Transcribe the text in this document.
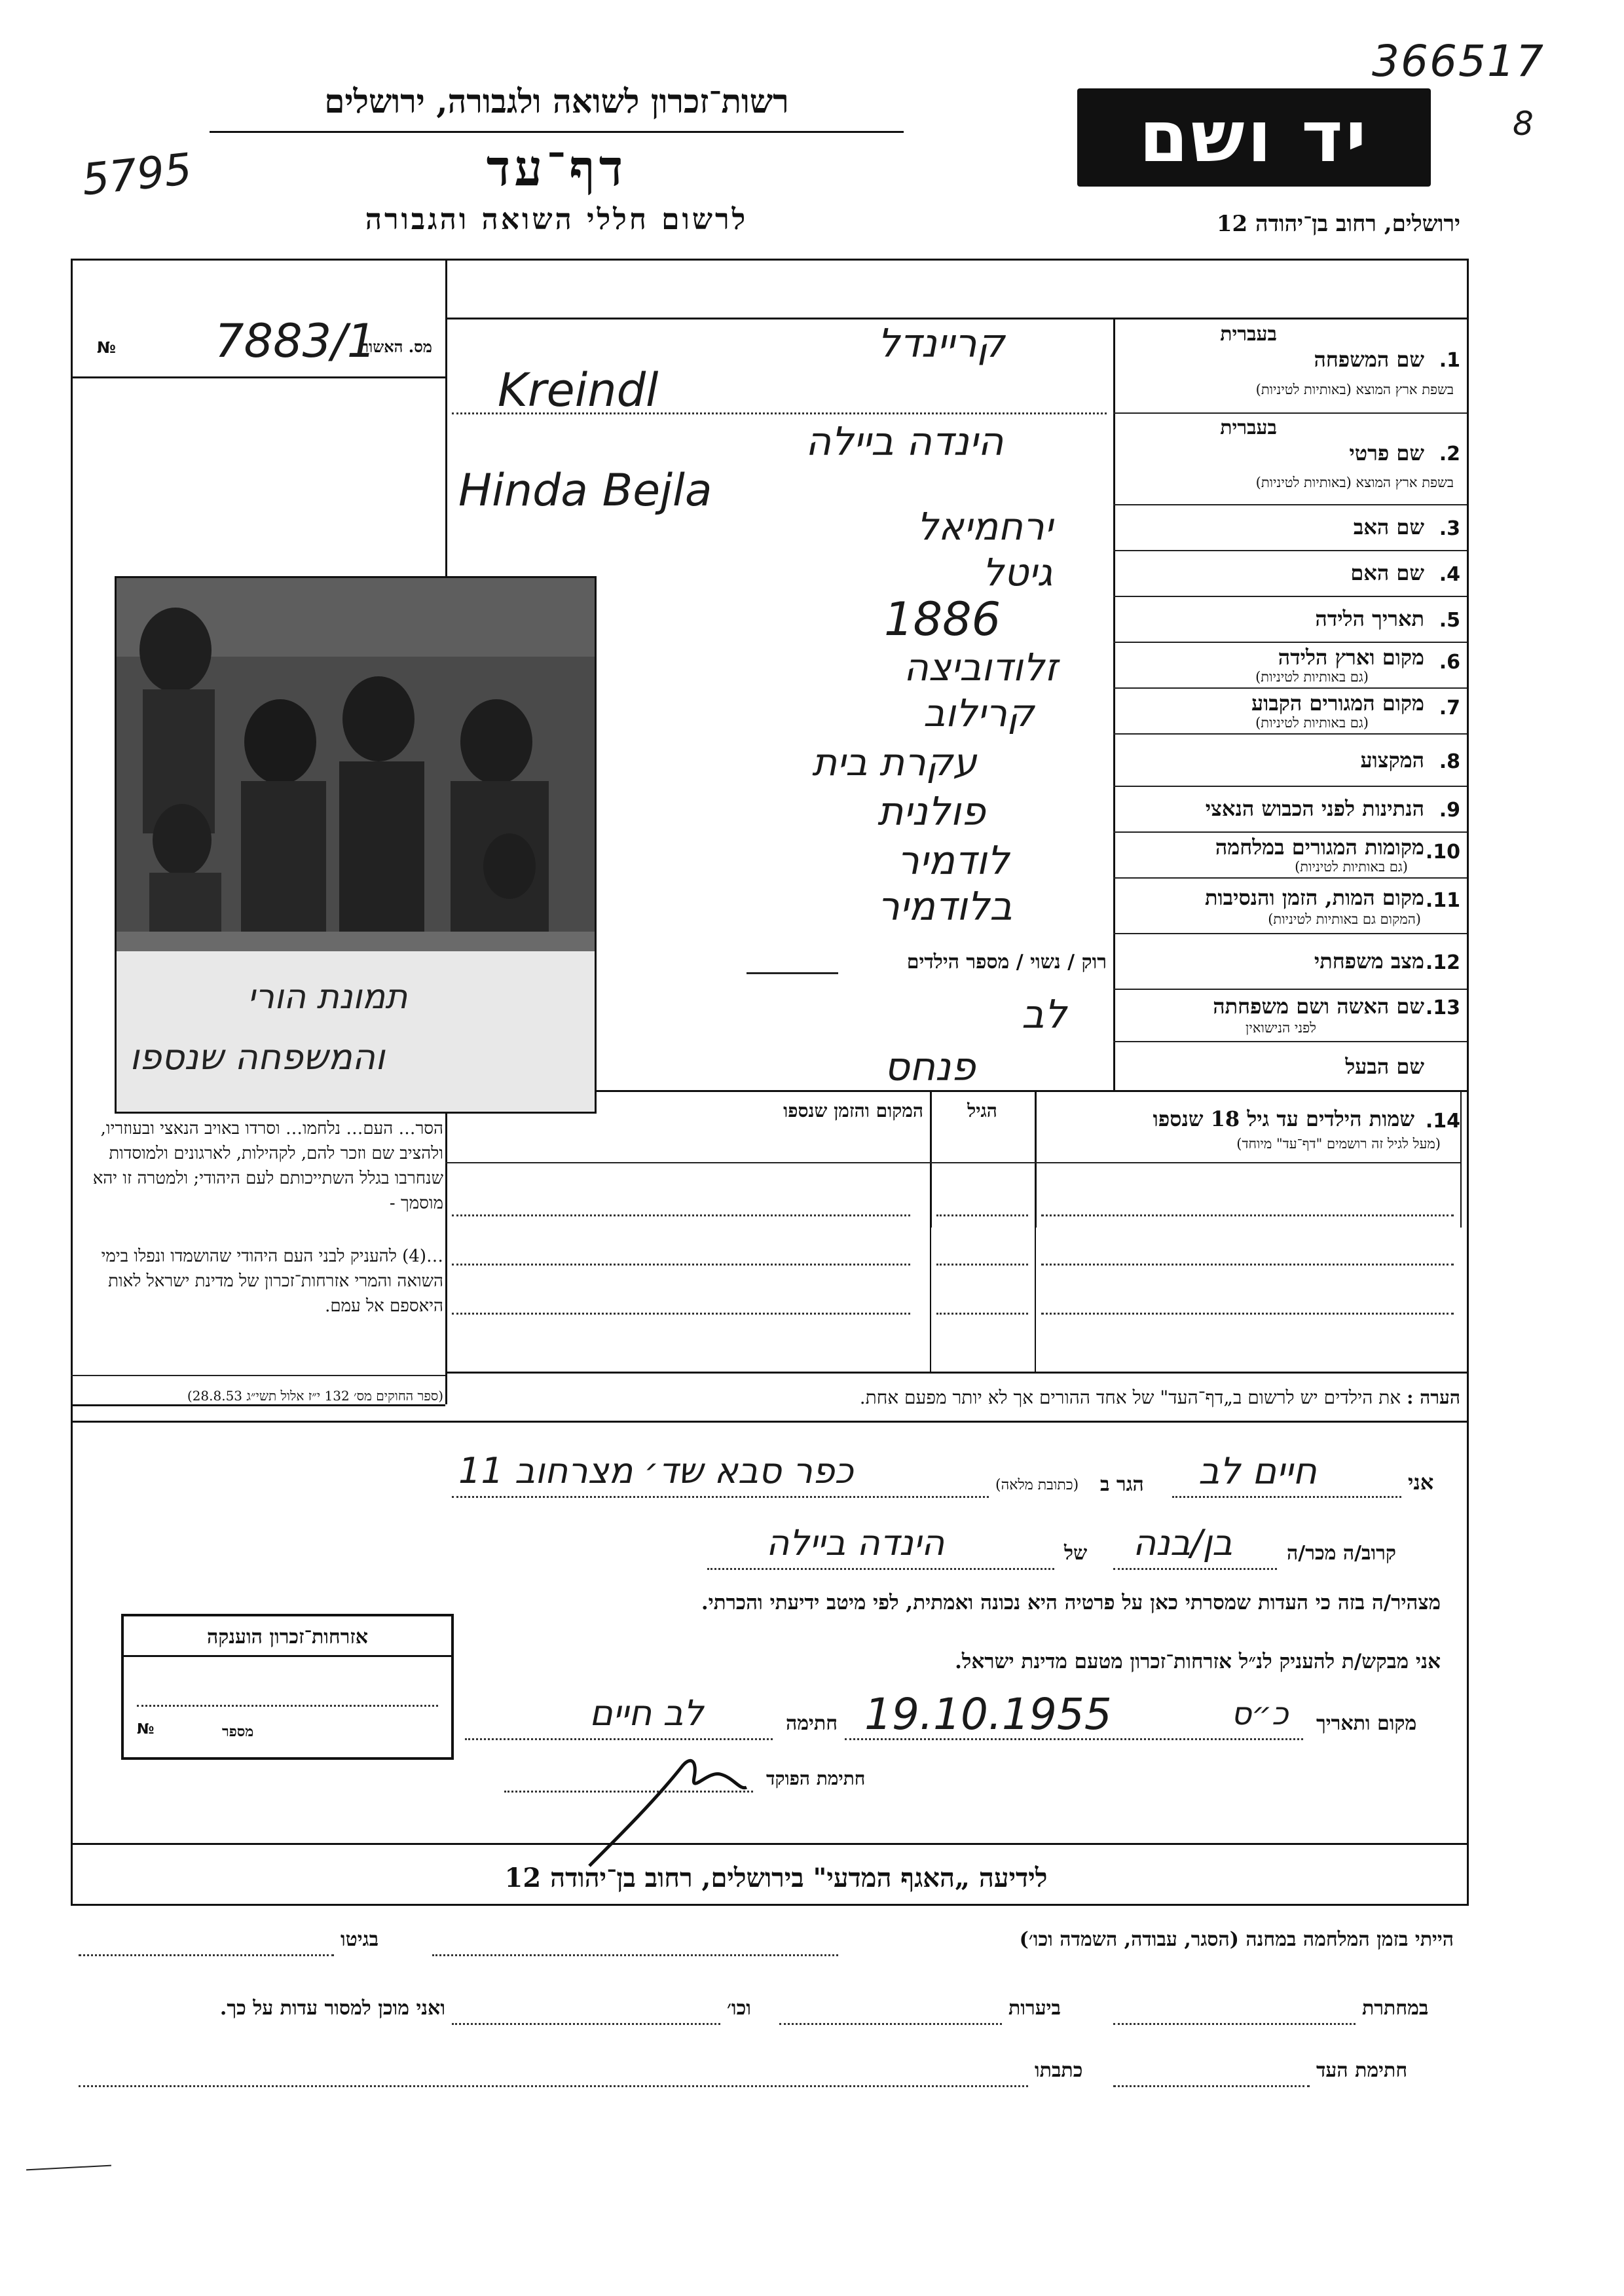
366517
8
5795
רשות־זכרון לשואה ולגבורה, ירושלים
דף־עד
לרשום חללי השואה והגבורה
יד ושם
ירושלים, רחוב בן־יהודה 12
מס. האשור
№ 7883/1	בעברית
1.
שם המשפחה
בשפת ארץ המוצא (באותיות לטיניות)
קריינדל
Kreindl
בעברית
2.
שם פרטי
בשפת ארץ המוצא (באותיות לטיניות)
הינדה ביילה
Hinda Bejla
3.
שם האב
ירחמיאל
4.
שם האם
גיטל
5.
תאריך הלידה
1886
6.
מקום וארץ הלידה
(גם באותיות לטיניות)
זלודוביצה
7.
מקום המגורים הקבוע
(גם באותיות לטיניות)
קרילוב
8.
המקצוע
עקרת בית
9.
הנתינות לפני הכבוש הנאצי
פולנית
10.
מקומות המגורים במלחמה
(גם באותיות לטיניות)
לודמיר
11.
מקום המות, הזמן והנסיבות
(המקום גם באותיות לטיניות)
בלודמיר
12.
מצב משפחתי
רוק / נשוי / מספר הילדים
13.
שם האשה ושם משפחתה
לפני הנישואין
לב
שם הבעל
פנחס
14.
שמות הילדים עד גיל 18 שנספו
(מעל לגיל זה רושמים "דף־עד" מיוחד)
הגיל
המקום והזמן שנספו
תמונת הורי
והמשפחה שנספו
הסר… העם… נלחמו… וסרדו באויב הנאצי ובעוזריו, ולהציב שם וזכר להם, לקהילות, לארגונים ולמוסדות שנחרבו בגלל השתייכותם לעם היהודי; ולמטרה זו יהא מוסמך -
…(4) להעניק לבני העם היהודי שהושמדו ונפלו בימי השואה והמרי אזרחות־זכרון של מדינת ישראל לאות היאספם אל עמם.
(ספר החוקים מס׳ 132 י״ז אלול תשי״ג 28.8.53)	הערה : את הילדים יש לרשום ב„דף־העד" של אחד ההורים אך לא יותר מפעם אחת.
אני
חיים לב
הגר ב
(כתובת מלאה)
כפר סבא שד׳ מצרחוב 11
קרוב/ה מכר/ה
בן/בנה
של
הינדה ביילה
מצהיר/ה בזה כי העדות שמסרתי כאן על פרטיה היא נכונה ואמתית, לפי מיטב ידיעתי והכרתי.
אני מבקש/ת להעניק לנ״ל אזרחות־זכרון מטעם מדינת ישראל.
מקום ותאריך
כ״ס
19.10.1955
חתימה
לב חיים
חתימת הפוקד
אזרחות־זכרון הוענקה
מספר
№
לידיעה „האגף המדעי" בירושלים, רחוב בן־יהודה 12
הייתי בזמן המלחמה במחנה (הסגר, עבודה, השמדה וכו׳)
בגיטו
במחתרת
ביערות
וכו׳
ואני מוכן למסור עדות על כך.
חתימת העד
כתבתו
